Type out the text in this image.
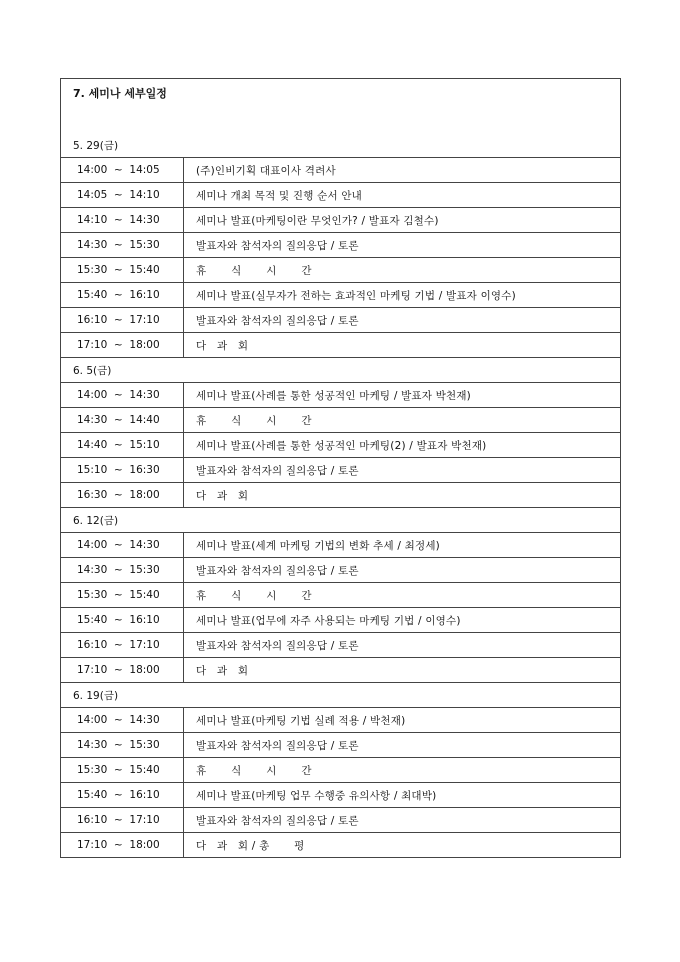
7. 세미나 세부일정	
5. 29(금)	
14:00  ~  14:05	(주)인비기획 대표이사 격려사
14:05  ~  14:10	세미나 개최 목적 및 진행 순서 안내
14:10  ~  14:30	세미나 발표(마케팅이란 무엇인가? / 발표자 김철수)
14:30  ~  15:30	발표자와 참석자의 질의응답 / 토론
15:30  ~  15:40	휴       식       시       간
15:40  ~  16:10	세미나 발표(실무자가 전하는 효과적인 마케팅 기법 / 발표자 이영수)
16:10  ~  17:10	발표자와 참석자의 질의응답 / 토론
17:10  ~  18:00	다   과   회
6. 5(금)	
14:00  ~  14:30	세미나 발표(사례를 통한 성공적인 마케팅 / 발표자 박천재)
14:30  ~  14:40	휴       식       시       간
14:40  ~  15:10	세미나 발표(사례를 통한 성공적인 마케팅(2) / 발표자 박천재)
15:10  ~  16:30	발표자와 참석자의 질의응답 / 토론
16:30  ~  18:00	다   과   회
6. 12(금)	
14:00  ~  14:30	세미나 발표(세계 마케팅 기법의 변화 추세 / 최정세)
14:30  ~  15:30	발표자와 참석자의 질의응답 / 토론
15:30  ~  15:40	휴       식       시       간
15:40  ~  16:10	세미나 발표(업무에 자주 사용되는 마케팅 기법 / 이영수)
16:10  ~  17:10	발표자와 참석자의 질의응답 / 토론
17:10  ~  18:00	다   과   회
6. 19(금)	
14:00  ~  14:30	세미나 발표(마케팅 기법 실례 적용 / 박천재)
14:30  ~  15:30	발표자와 참석자의 질의응답 / 토론
15:30  ~  15:40	휴       식       시       간
15:40  ~  16:10	세미나 발표(마케팅 업무 수행중 유의사항 / 최대박)
16:10  ~  17:10	발표자와 참석자의 질의응답 / 토론
17:10  ~  18:00	다   과   회 / 총       평
